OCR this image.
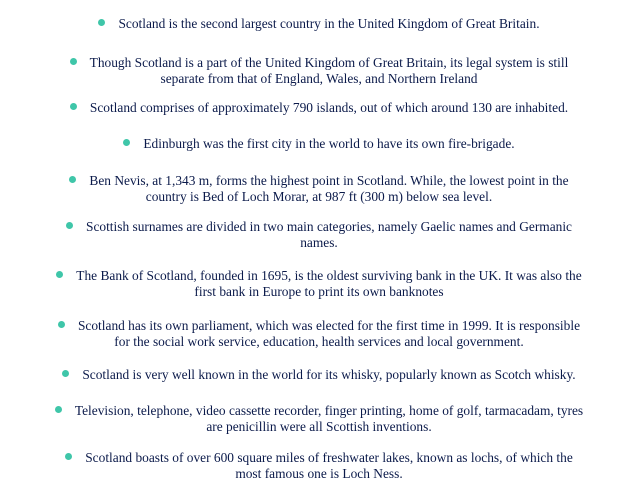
Scotland is the second largest country in the United Kingdom of Great Britain.
Though Scotland is a part of the United Kingdom of Great Britain, its legal system is still
separate from that of England, Wales, and Northern Ireland
Scotland comprises of approximately 790 islands, out of which around 130 are inhabited.
Edinburgh was the first city in the world to have its own fire-brigade.
Ben Nevis, at 1,343 m, forms the highest point in Scotland. While, the lowest point in the
country is Bed of Loch Morar, at 987 ft (300 m) below sea level.
Scottish surnames are divided in two main categories, namely Gaelic names and Germanic
names.
The Bank of Scotland, founded in 1695, is the oldest surviving bank in the UK. It was also the
first bank in Europe to print its own banknotes
Scotland has its own parliament, which was elected for the first time in 1999. It is responsible
for the social work service, education, health services and local government.
Scotland is very well known in the world for its whisky, popularly known as Scotch whisky.
Television, telephone, video cassette recorder, finger printing, home of golf, tarmacadam, tyres
are penicillin were all Scottish inventions.
Scotland boasts of over 600 square miles of freshwater lakes, known as lochs, of which the
most famous one is Loch Ness.
